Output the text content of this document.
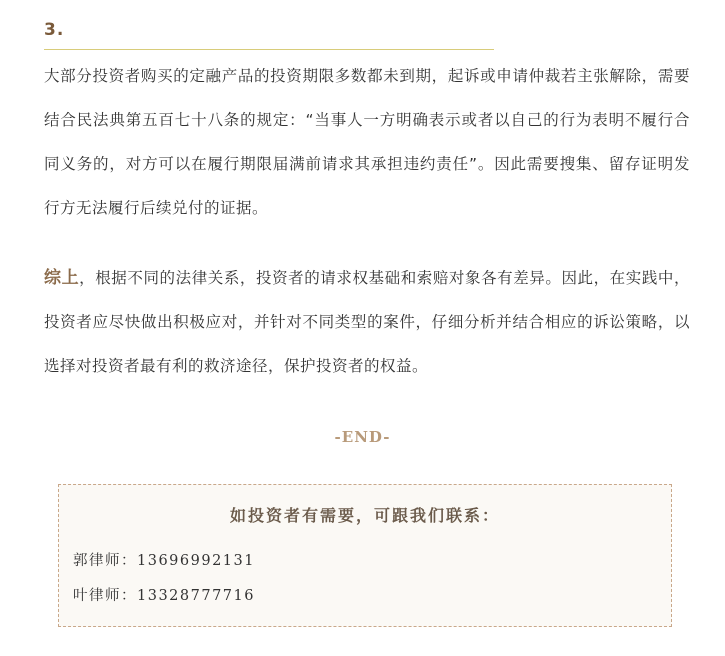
3.

大部分投资者购买的定融产品的投资期限多数都未到期，起诉或申请仲裁若主张解除，需要结合民法典第五百七十八条的规定：“当事人一方明确表示或者以自己的行为表明不履行合同义务的，对方可以在履行期限届满前请求其承担违约责任”。因此需要搜集、留存证明发行方无法履行后续兑付的证据。

综上，根据不同的法律关系，投资者的请求权基础和索赔对象各有差异。因此，在实践中，投资者应尽快做出积极应对，并针对不同类型的案件，仔细分析并结合相应的诉讼策略，以选择对投资者最有利的救济途径，保护投资者的权益。

-END-
如投资者有需要，可跟我们联系：
郭律师：13696992131
叶律师：13328777716
